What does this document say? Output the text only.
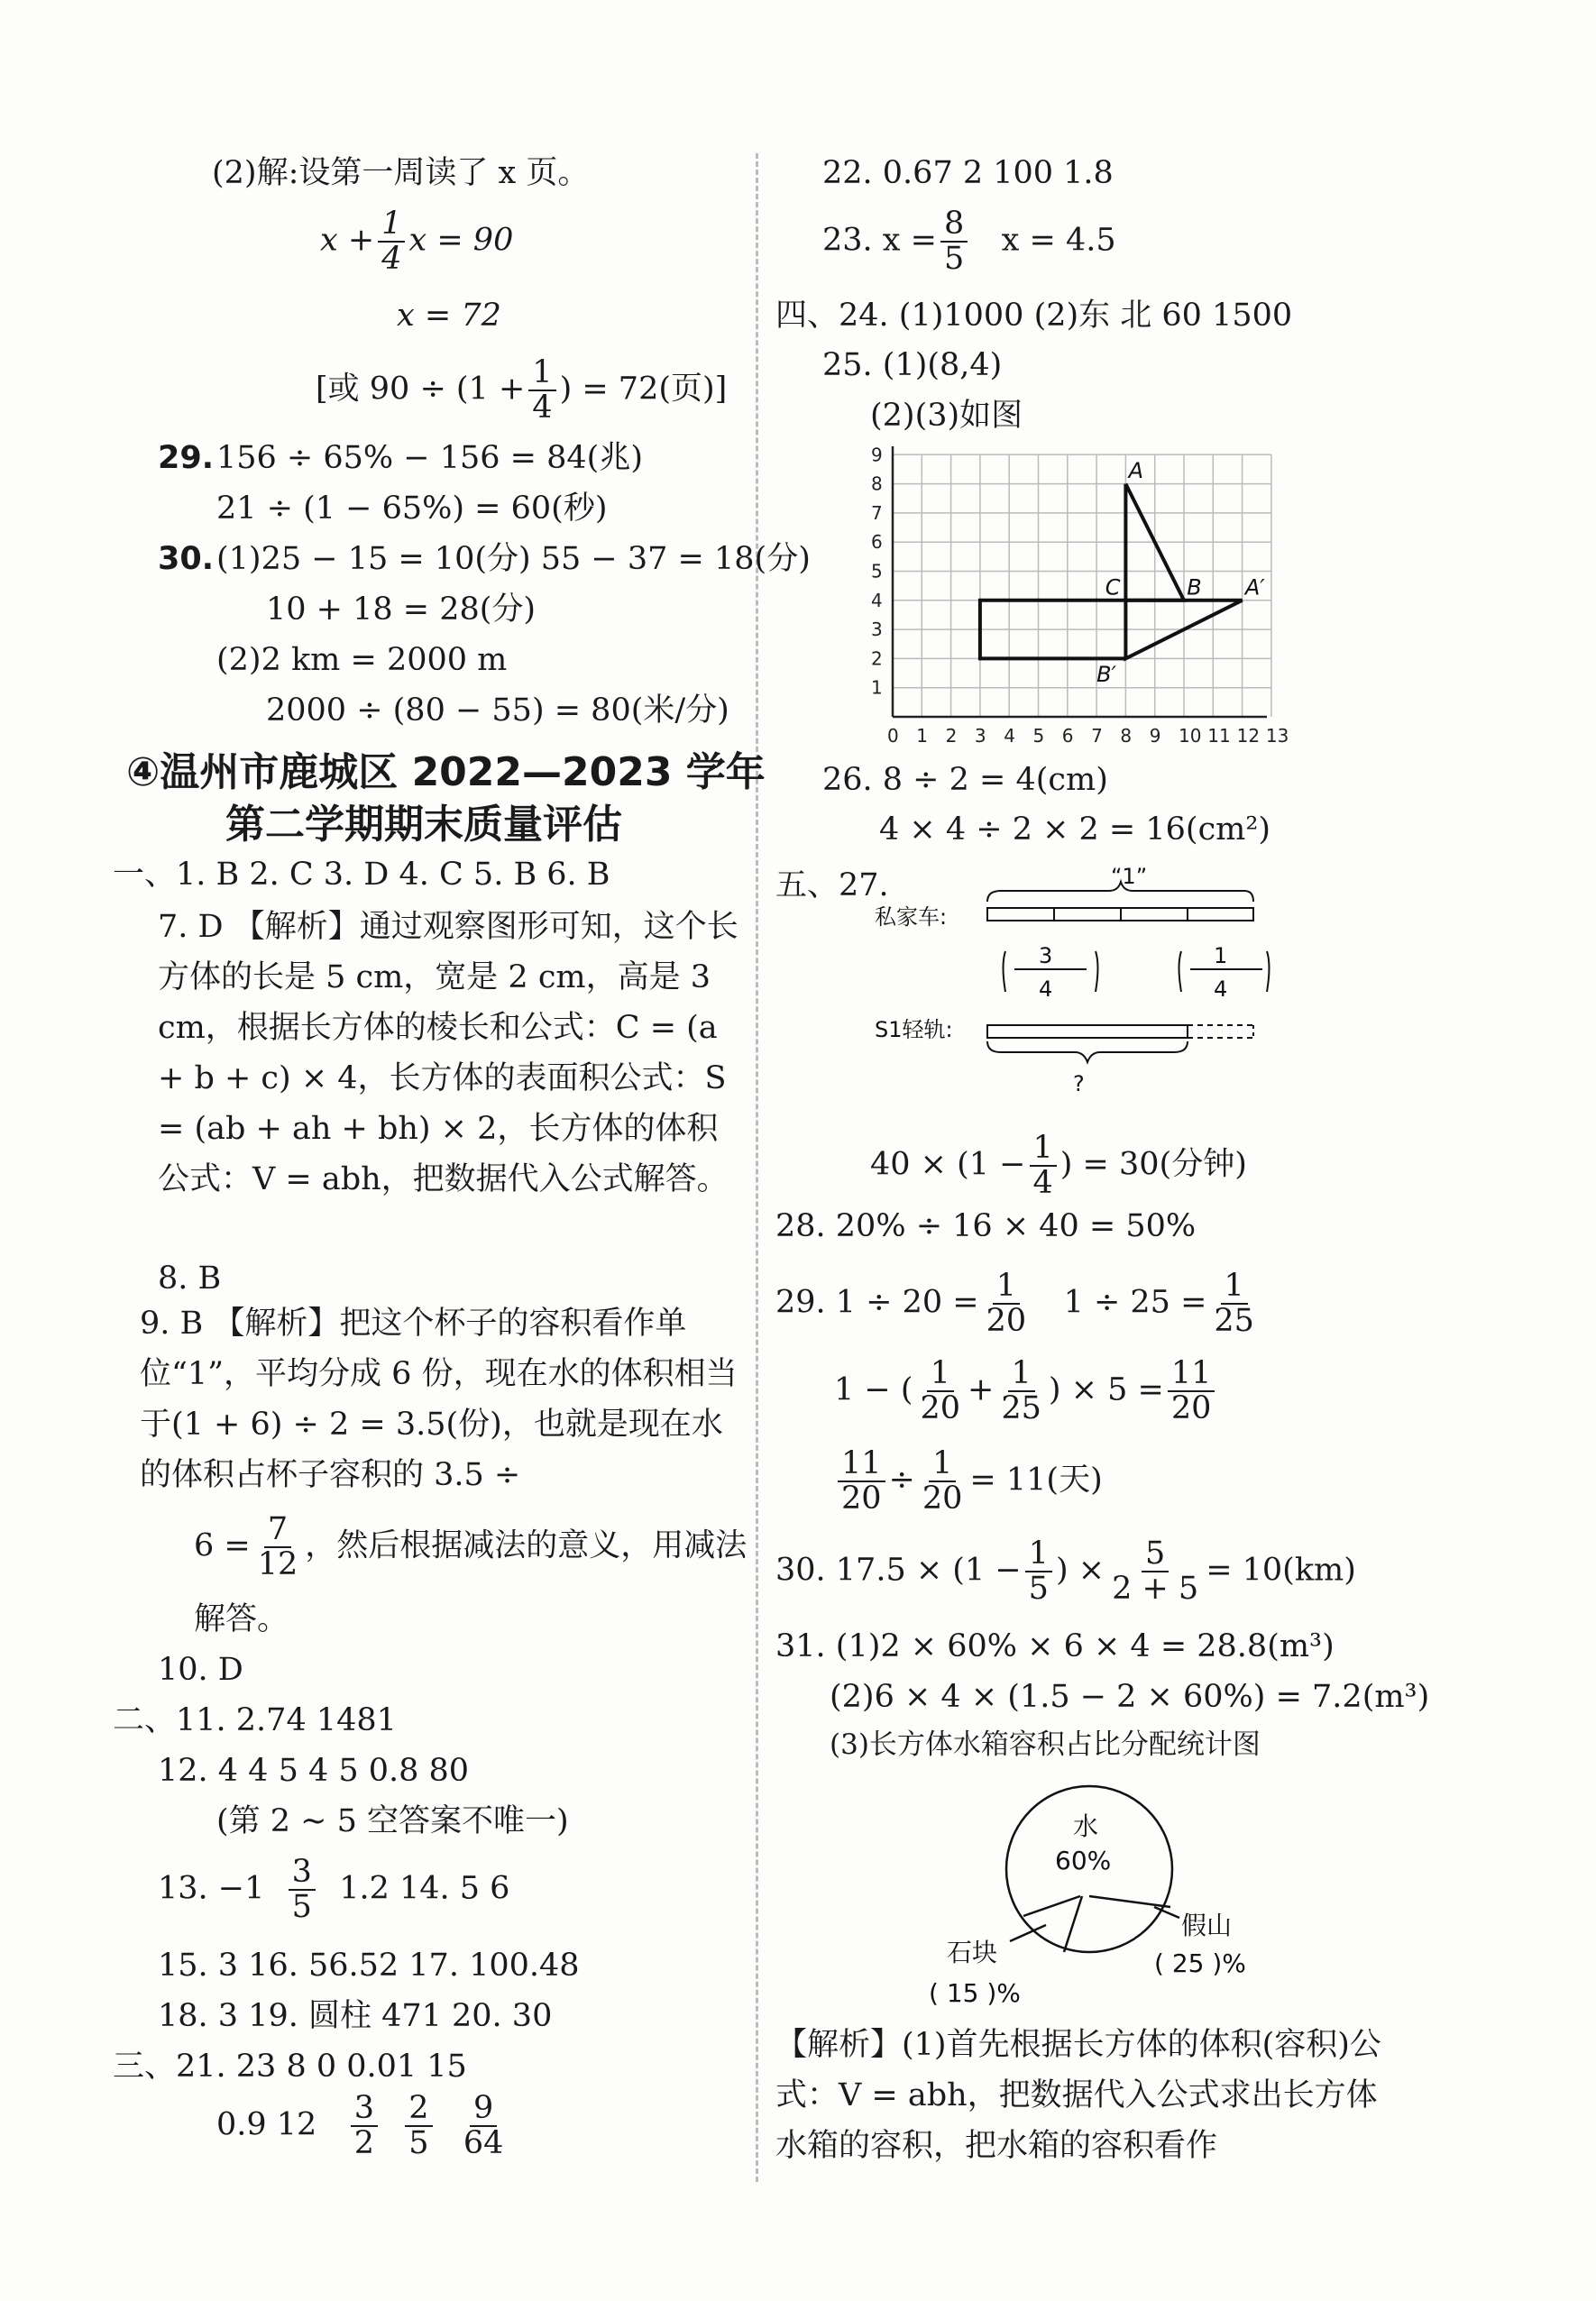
(2)解:设第一周读了 x 页。
$x + \frac{1}{4}$ x = 90
x = 72
[或 $90 \div (1 + \frac{1}{4}$ ) = 72(页)]
29. 156 ÷ 65% − 156 = 84(兆)
21 ÷ (1 − 65%) = 60(秒)
30. (1)25 − 15 = 10(分) 55 − 37 = 18(分)
10 + 18 = 28(分)
(2)2 km = 2000 m
2000 ÷ (80 − 55) = 80(米/分)
④温州市鹿城区 2022—2023 学年
第二学期期末质量评估
一、1. B 2. C 3. D 4. C 5. B 6. B
7. D 【解析】通过观察图形可知，这个长方体的长是 5 cm，宽是 2 cm，高是 3 cm，根据长方体的棱长和公式：C = (a + b + c) × 4，长方体的表面积公式：S = (ab + ah + bh) × 2，长方体的体积公式：V = abh，把数据代入公式解答。
8. B
9. B 【解析】把这个杯子的容积看作单位“1”，平均分成 6 份，现在水的体积相当于(1 + 6) ÷ 2 = 3.5(份)，也就是现在水的体积占杯子容积的 3.5 ÷
$6 = \frac{7}{12}$ ，然后根据减法的意义，用减法
解答。
10. D
二、11. 2.74 1481
12. 4 4 5 4 5 0.8 80
(第 2 ~ 5 空答案不唯一)
13. $-1 \frac{3}{5} 1.2$ 14. 5 6
15. 3 16. 56.52 17. 100.48
18. 3 19. 圆柱 471 20. 30
三、21. 23 8 0 0.01 15
0.9 $12 \frac{3}{2}$
$\frac{2}{5}$
$\frac{9}{64}$
22. 0.67 2 100 1.8
23. $x = \frac{8}{5}$ x = 4.5
四、24. (1)1000 (2)东 北 60 1500
25. (1)(8,4)
(2)(3)如图
0 1 2 3 4 5 6 7 8 9 10 11 12 13
1
2
3
4
5
6
7
8
9
A
B
C	A′
B′
26. 8 ÷ 2 = 4(cm)
4 × 4 ÷ 2 × 2 = 16(cm²)
五、27.	“1”
私家车:
S1轻轨:
?
3
4
1
4
$40 \times (1 - \frac{1}{4}$ ) = 30(分钟)
28. 20% ÷ 16 × 40 = 50%
29. $1 \div 20 = \frac{1}{20} 1 \div 25 = \frac{1}{25}$
1 − ( $\frac{1}{20} + \frac{1}{25}$ ) × $5 = \frac{11}{20}$
$\frac{11}{20} \div \frac{1}{20} = 11$(天)
30. $17.5 \times (1 - \frac{1}{5}$ ) × $\frac{5}{2 + 5} = 10(km)$
31. (1)2 × 60% × 6 × 4 = 28.8(m³)
(2)6 × 4 × (1.5 − 2 × 60%) = 7.2(m³)
(3)长方体水箱容积占比分配统计图
水
60%
石块
( 15 )%
假山
( 25 )%
【解析】(1)首先根据长方体的体积(容积)公式：V = abh，把数据代入公式求出长方体水箱的容积，把水箱的容积看作
